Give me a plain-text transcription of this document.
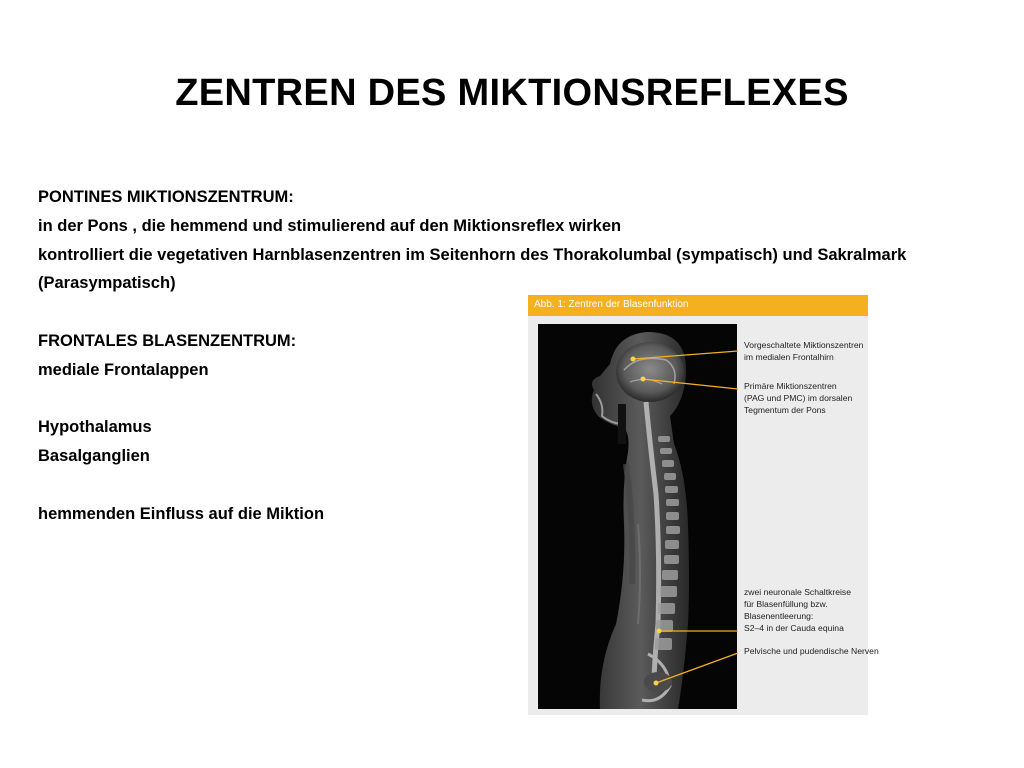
ZENTREN DES MIKTIONSREFLEXES
PONTINES MIKTIONSZENTRUM:
in der Pons , die hemmend und stimulierend auf den Miktionsreflex wirken
kontrolliert die vegetativen Harnblasenzentren im Seitenhorn des Thorakolumbal (sympatisch) und Sakralmark
(Parasympatisch)
FRONTALES BLASENZENTRUM:
mediale Frontalappen
Hypothalamus
Basalganglien
hemmenden Einfluss auf die Miktion
Abb. 1: Zentren der Blasenfunktion
Vorgeschaltete Miktionszentren
im medialen Frontalhirn
Primäre Miktionszentren
(PAG und PMC) im dorsalen
Tegmentum der Pons
zwei neuronale Schaltkreise
für Blasenfüllung bzw.
Blasenentleerung:
S2–4 in der Cauda equina
Pelvische und pudendische Nerven
